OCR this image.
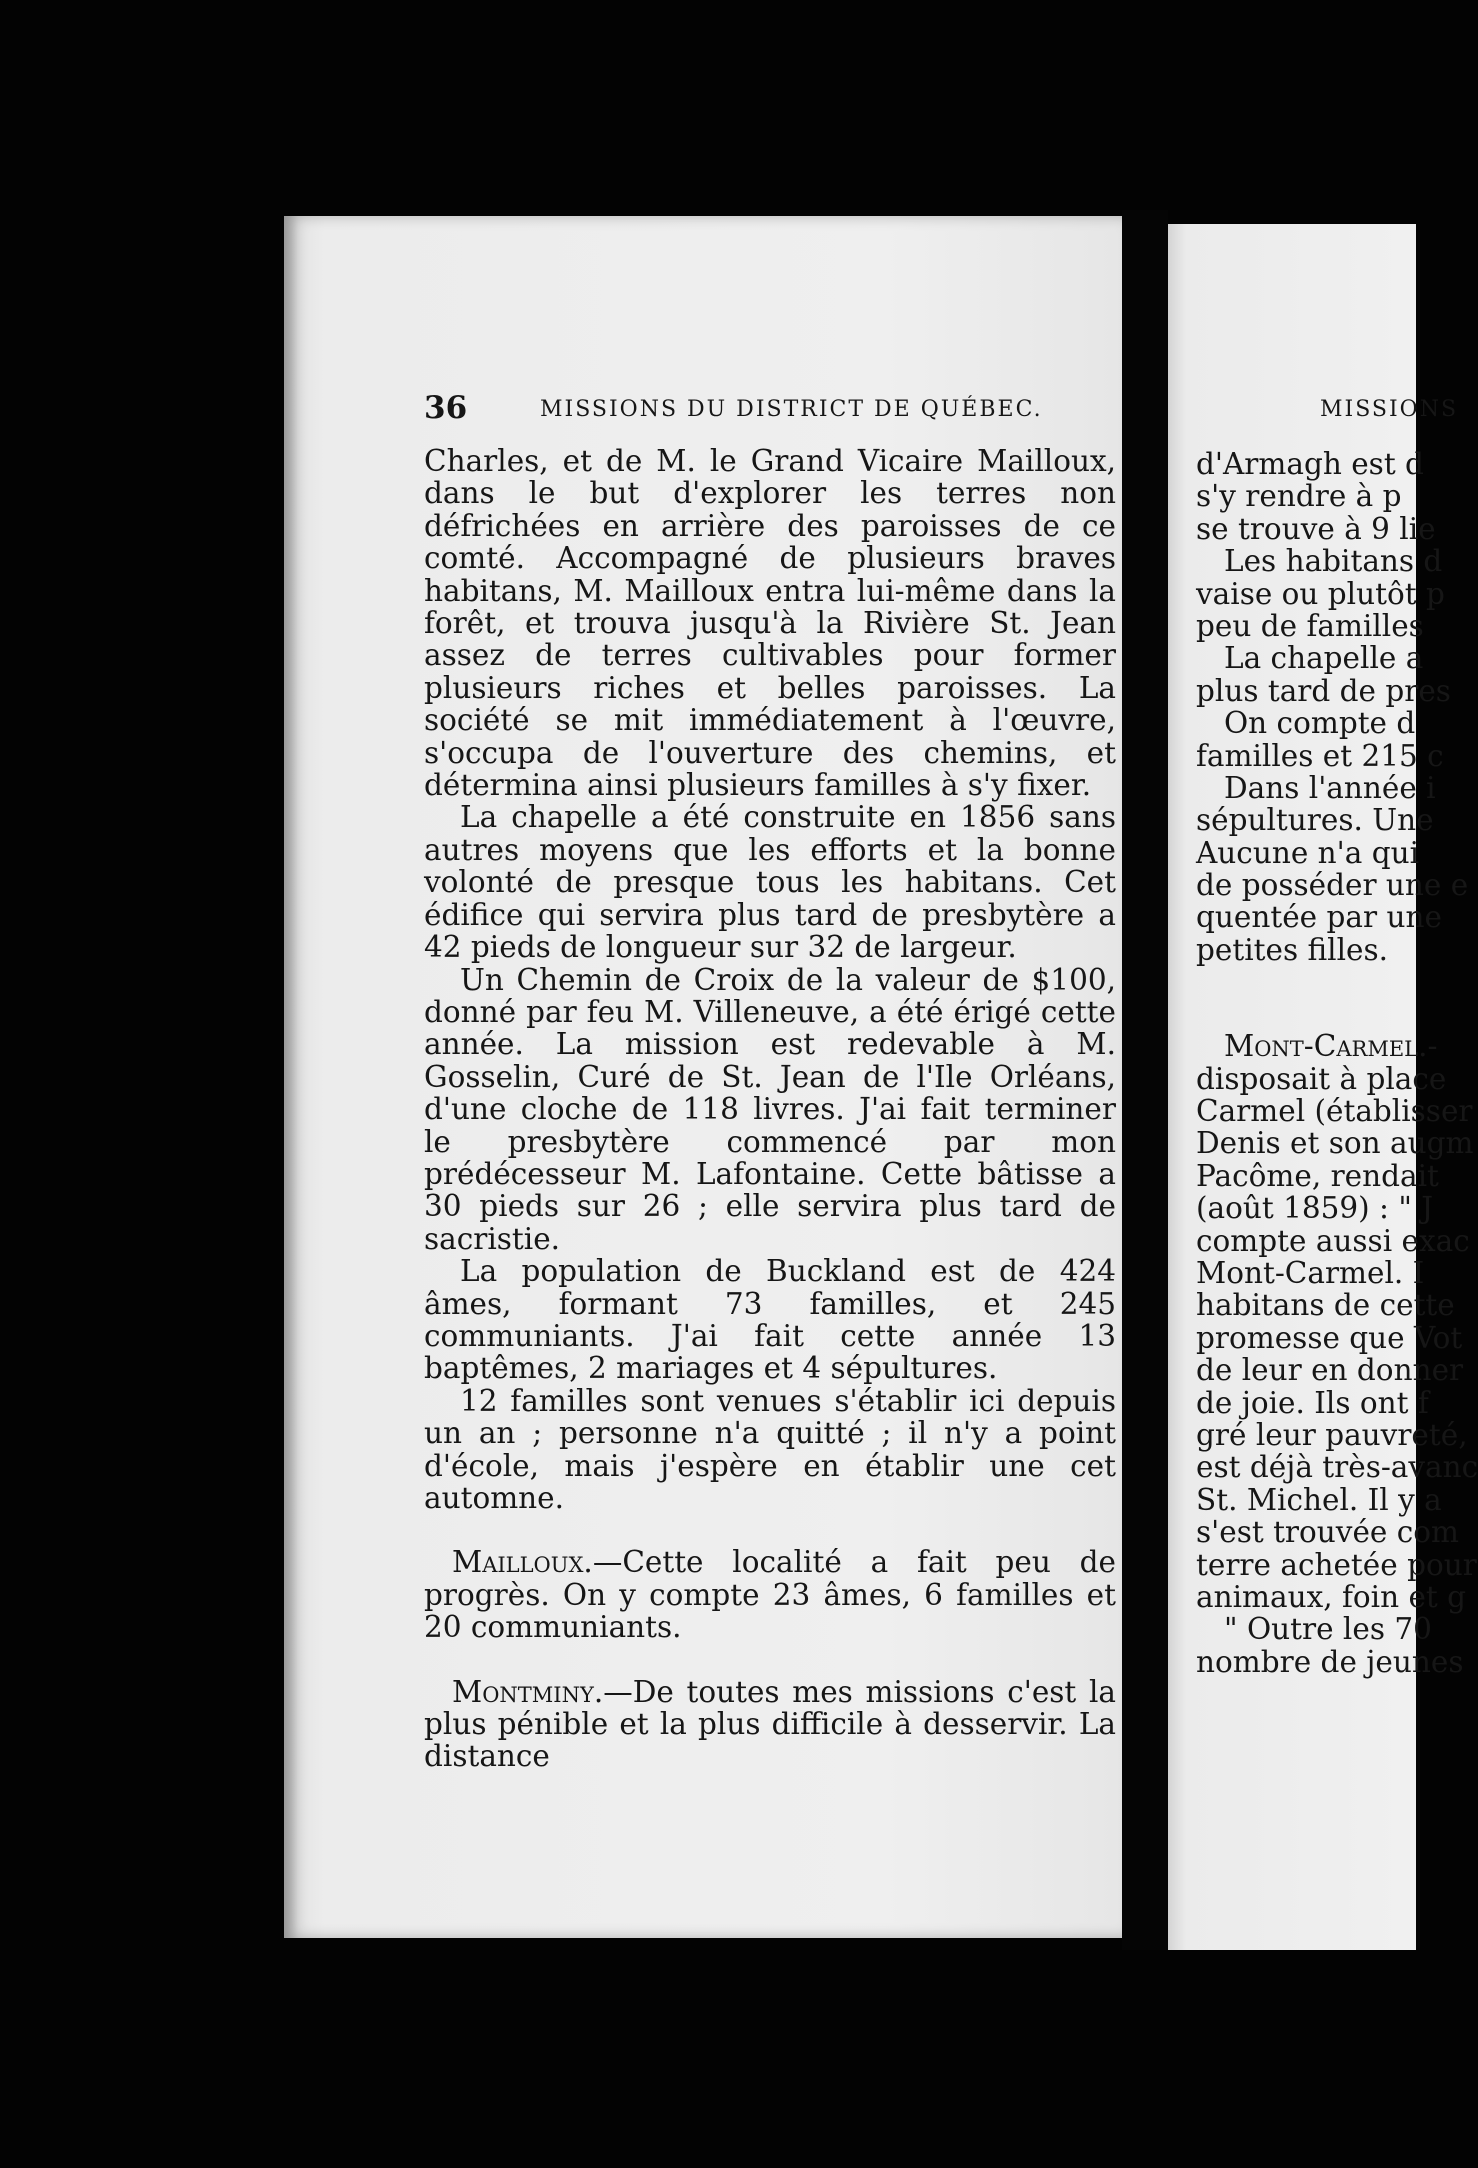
36	MISSIONS DU DISTRICT DE QUÉBEC.

Charles, et de M. le Grand Vicaire Mailloux, dans le but d'explorer les terres non défrichées en arrière des paroisses de ce comté. Accompagné de plusieurs braves habitans, M. Mailloux entra lui-même dans la forêt, et trouva jusqu'à la Rivière St. Jean assez de terres cultivables pour former plusieurs riches et belles paroisses. La société se mit immédiatement à l'œuvre, s'occupa de l'ouverture des chemins, et détermina ainsi plusieurs familles à s'y fixer.

La chapelle a été construite en 1856 sans autres moyens que les efforts et la bonne volonté de presque tous les habitans. Cet édifice qui servira plus tard de presbytère a 42 pieds de longueur sur 32 de largeur.

Un Chemin de Croix de la valeur de $100, donné par feu M. Villeneuve, a été érigé cette année. La mission est redevable à M. Gosselin, Curé de St. Jean de l'Ile Orléans, d'une cloche de 118 livres. J'ai fait terminer le presbytère commencé par mon prédécesseur M. Lafontaine. Cette bâtisse a 30 pieds sur 26 ; elle servira plus tard de sacristie.

La population de Buckland est de 424 âmes, formant 73 familles, et 245 communiants. J'ai fait cette année 13 baptêmes, 2 mariages et 4 sépultures.

12 familles sont venues s'établir ici depuis un an ; personne n'a quitté ; il n'y a point d'école, mais j'espère en établir une cet automne.

Mailloux.—Cette localité a fait peu de progrès. On y compte 23 âmes, 6 familles et 20 communiants.

Montminy.—De toutes mes missions c'est la plus pénible et la plus difficile à desservir. La distance

MISSIONS
d'Armagh est d
s'y rendre à p
se trouve à 9 lie
Les habitans d
vaise ou plutôt p
peu de familles
La chapelle a
plus tard de pres
On compte d
familles et 215 c
Dans l'année i
sépultures. Une
Aucune n'a qui
de posséder une e
quentée par une
petites filles.
Mont-Carmel.-
disposait à place
Carmel (établisser
Denis et son augm
Pacôme, rendait
(août 1859) : " J
compte aussi exac
Mont-Carmel. I
habitans de cette
promesse que Vot
de leur en donner
de joie. Ils ont f
gré leur pauvreté,
est déjà très-avanc
St. Michel. Il y a
s'est trouvée com
terre achetée pour
animaux, foin et g
" Outre les 70
nombre de jeunes
